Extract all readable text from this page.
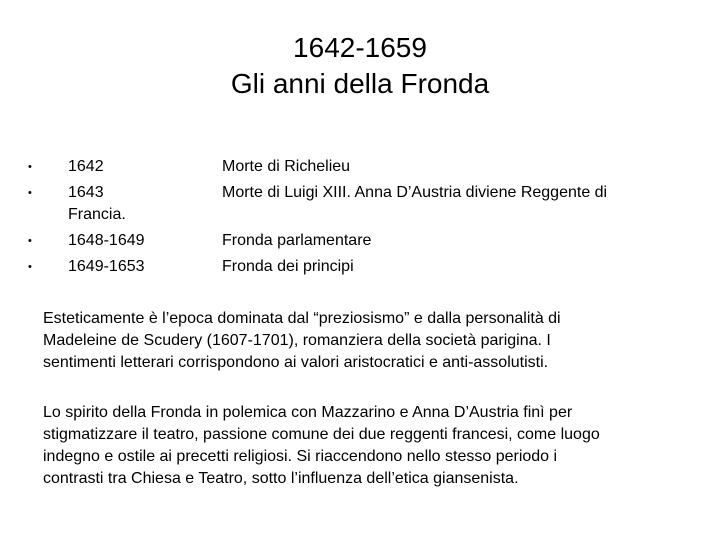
1642-1659
Gli anni della Fronda
• 1642	Morte di Richelieu
• 1643	Morte di Luigi XIII. Anna D’Austria diviene Reggente di
Francia.
• 1648-1649	Fronda parlamentare
• 1649-1653	Fronda dei principi
Esteticamente è l’epoca dominata dal “preziosismo” e dalla personalità di
Madeleine de Scudery (1607-1701), romanziera della società parigina. I
sentimenti letterari corrispondono ai valori aristocratici e anti-assolutisti.
Lo spirito della Fronda in polemica con Mazzarino e Anna D’Austria finì per
stigmatizzare il teatro, passione comune dei due reggenti francesi, come luogo
indegno e ostile ai precetti religiosi. Si riaccendono nello stesso periodo i
contrasti tra Chiesa e Teatro, sotto l’influenza dell’etica giansenista.
